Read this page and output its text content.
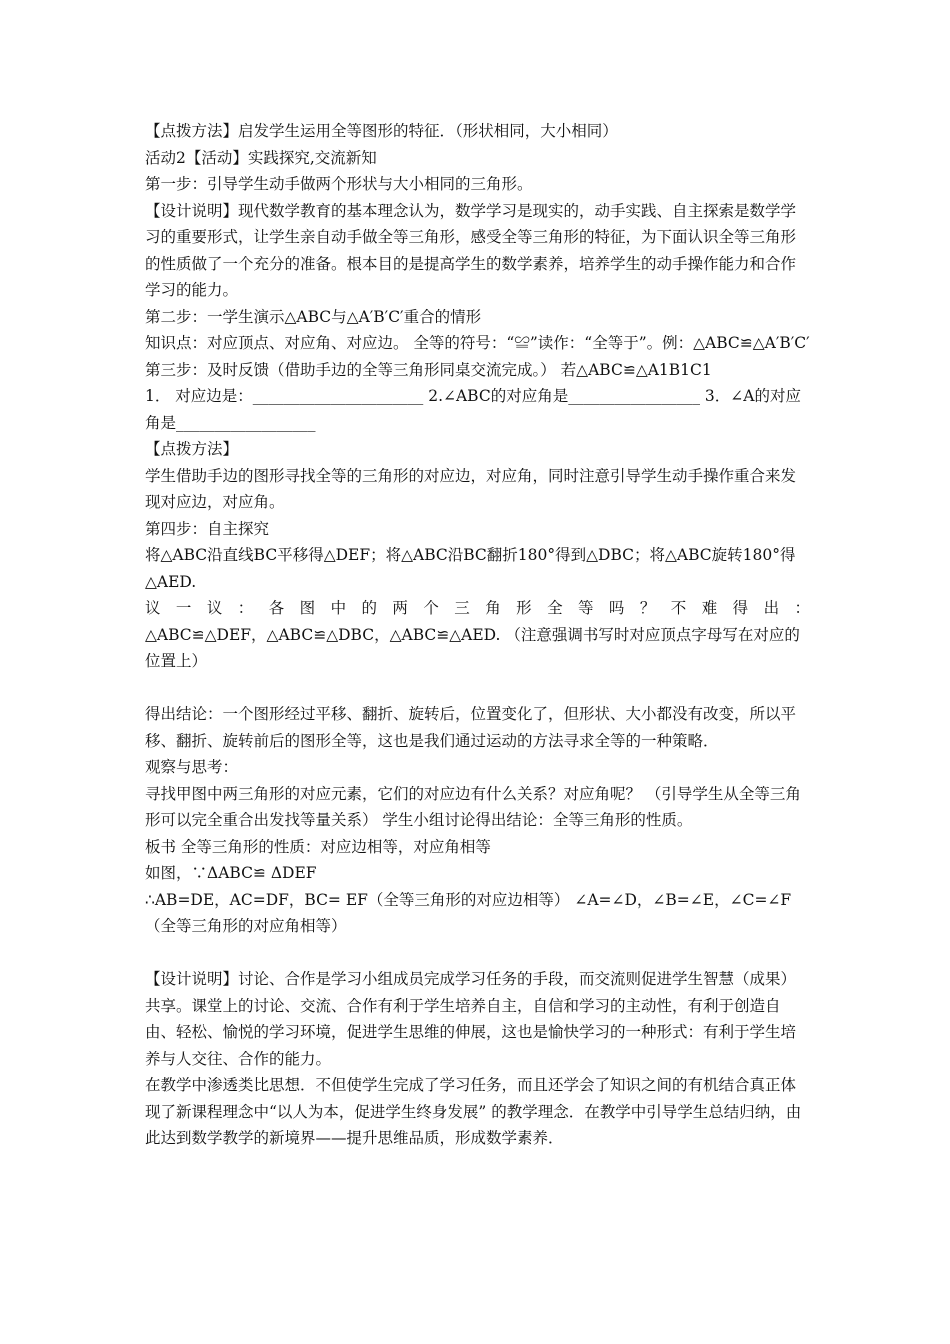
【点拨方法】启发学生运用全等图形的特征．（形状相同，大小相同）

活动2【活动】实践探究,交流新知

第一步：引导学生动手做两个形状与大小相同的三角形。

【设计说明】现代数学教育的基本理念认为，数学学习是现实的，动手实践、自主探索是数学学习的重要形式，让学生亲自动手做全等三角形，感受全等三角形的特征，为下面认识全等三角形的性质做了一个充分的准备。根本目的是提高学生的数学素养，培养学生的动手操作能力和合作学习的能力。

第二步：一学生演示△ABC与△A′B′C′重合的情形

知识点：对应顶点、对应角、对应边。 全等的符号：“≌”读作：“全等于”。例：△ABC≌△A′B′C′

第三步：及时反馈（借助手边的全等三角形同桌交流完成。） 若△ABC≌△A1B1C1

1． 对应边是：______________________ 2.∠ABC的对应角是_________________ 3．∠A的对应角是__________________

【点拨方法】

学生借助手边的图形寻找全等的三角形的对应边，对应角，同时注意引导学生动手操作重合来发现对应边，对应角。

第四步：自主探究

将△ABC沿直线BC平移得△DEF；将△ABC沿BC翻折180°得到△DBC；将△ABC旋转180°得△AED.

议 一 议 ： 各 图 中 的 两 个 三 角 形 全 等 吗 ？ 不 难 得 出 ：

△ABC≌△DEF，△ABC≌△DBC，△ABC≌△AED. （注意强调书写时对应顶点字母写在对应的位置上）

得出结论：一个图形经过平移、翻折、旋转后，位置变化了，但形状、大小都没有改变，所以平移、翻折、旋转前后的图形全等，这也是我们通过运动的方法寻求全等的一种策略．

观察与思考：

寻找甲图中两三角形的对应元素，它们的对应边有什么关系？对应角呢？ （引导学生从全等三角形可以完全重合出发找等量关系） 学生小组讨论得出结论：全等三角形的性质。

板书 全等三角形的性质：对应边相等，对应角相等

如图，∵ΔABC≌ ΔDEF

∴AB=DE，AC=DF，BC= EF（全等三角形的对应边相等） ∠A=∠D，∠B=∠E，∠C=∠F（全等三角形的对应角相等）

【设计说明】讨论、合作是学习小组成员完成学习任务的手段，而交流则促进学生智慧（成果）共享。课堂上的讨论、交流、合作有利于学生培养自主，自信和学习的主动性，有利于创造自由、轻松、愉悦的学习环境，促进学生思维的伸展，这也是愉快学习的一种形式：有利于学生培养与人交往、合作的能力。

在教学中渗透类比思想．不但使学生完成了学习任务，而且还学会了知识之间的有机结合真正体现了新课程理念中“以人为本，促进学生终身发展” 的教学理念．在教学中引导学生总结归纳，由此达到数学教学的新境界——提升思维品质，形成数学素养．
